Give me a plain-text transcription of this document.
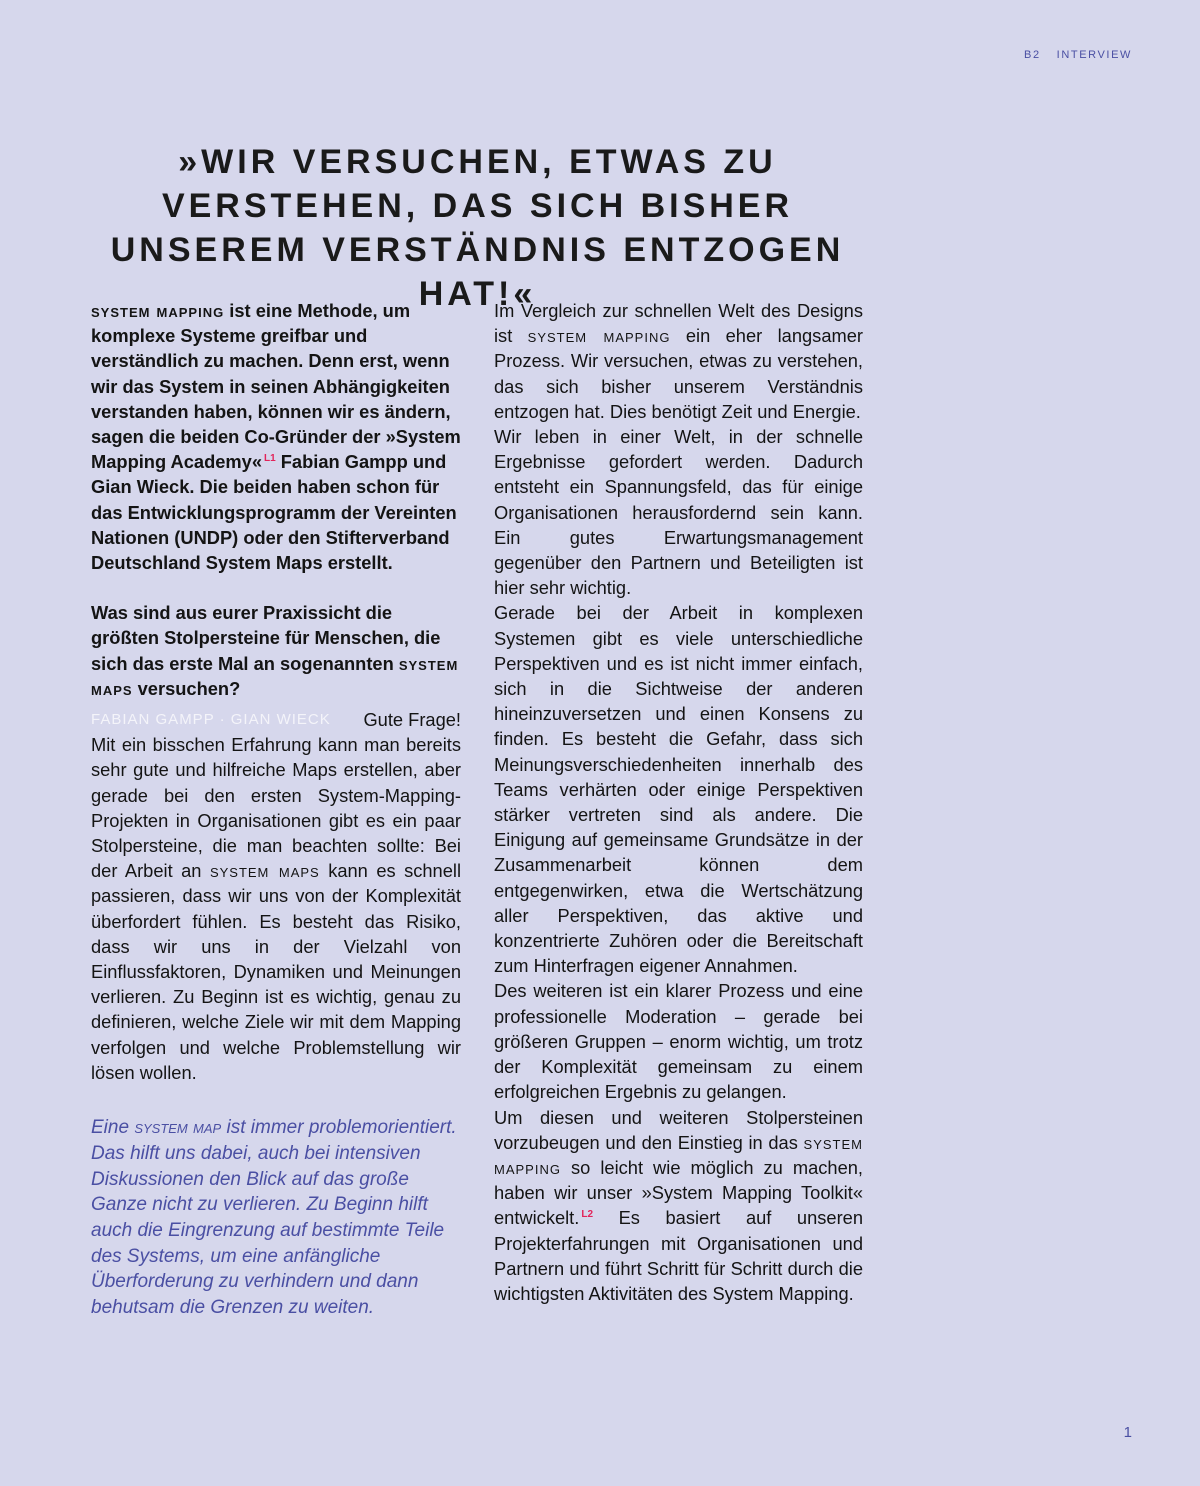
B2 INTERVIEW
»WIR VERSUCHEN, ETWAS ZU VERSTEHEN, DAS SICH BISHER UNSEREM VERSTÄNDNIS ENTZOGEN HAT!«

system mapping ist eine Methode, um komplexe Systeme greifbar und verständlich zu machen. Denn erst, wenn wir das System in seinen Abhängigkeiten verstanden haben, können wir es ändern, sagen die beiden Co-Gründer der »System Mapping Academy« $^{L1}$ Fabian Gampp und Gian Wieck. Die beiden haben schon für das Entwicklungsprogramm der Vereinten Nationen (UNDP) oder den Stifterverband Deutschland System Maps erstellt.

Was sind aus eurer Praxissicht die größten Stolpersteine für Menschen, die sich das erste Mal an sogenannten system maps versuchen?

FABIAN GAMPP · GIAN WIECK Gute Frage!
Mit ein bisschen Erfahrung kann man bereits sehr gute und hilfreiche Maps erstellen, aber gerade bei den ersten System-Mapping-Projekten in Organisationen gibt es ein paar Stolpersteine, die man beachten sollte: Bei der Arbeit an system maps kann es schnell passieren, dass wir uns von der Komplexität überfordert fühlen. Es besteht das Risiko, dass wir uns in der Vielzahl von Einflussfaktoren, Dynamiken und Meinungen verlieren. Zu Beginn ist es wichtig, genau zu definieren, welche Ziele wir mit dem Mapping verfolgen und welche Problemstellung wir lösen wollen.

Eine system map ist immer problemorientiert. Das hilft uns dabei, auch bei intensiven Diskussionen den Blick auf das große Ganze nicht zu verlieren. Zu Beginn hilft auch die Eingrenzung auf bestimmte Teile des Systems, um eine anfängliche Überforderung zu verhindern und dann behutsam die Grenzen zu weiten.

Im Vergleich zur schnellen Welt des Designs ist system mapping ein eher langsamer Prozess. Wir versuchen, etwas zu verstehen, das sich bisher unserem Verständnis entzogen hat. Dies benötigt Zeit und Energie.

Wir leben in einer Welt, in der schnelle Ergebnisse gefordert werden. Dadurch entsteht ein Spannungsfeld, das für einige Organisationen herausfordernd sein kann. Ein gutes Erwartungsmanagement gegenüber den Partnern und Beteiligten ist hier sehr wichtig.

Gerade bei der Arbeit in komplexen Systemen gibt es viele unterschiedliche Perspektiven und es ist nicht immer einfach, sich in die Sichtweise der anderen hineinzuversetzen und einen Konsens zu finden. Es besteht die Gefahr, dass sich Meinungsverschiedenheiten innerhalb des Teams verhärten oder einige Perspektiven stärker vertreten sind als andere. Die Einigung auf gemeinsame Grundsätze in der Zusammenarbeit können dem entgegenwirken, etwa die Wertschätzung aller Perspektiven, das aktive und konzentrierte Zuhören oder die Bereitschaft zum Hinterfragen eigener Annahmen.

Des weiteren ist ein klarer Prozess und eine professionelle Moderation – gerade bei größeren Gruppen – enorm wichtig, um trotz der Komplexität gemeinsam zu einem erfolgreichen Ergebnis zu gelangen.

Um diesen und weiteren Stolpersteinen vorzubeugen und den Einstieg in das system mapping so leicht wie möglich zu machen, haben wir unser »System Mapping Toolkit« entwickelt. $^{L2}$ Es basiert auf unseren Projekterfahrungen mit Organisationen und Partnern und führt Schritt für Schritt durch die wichtigsten Aktivitäten des System Mapping.

1
